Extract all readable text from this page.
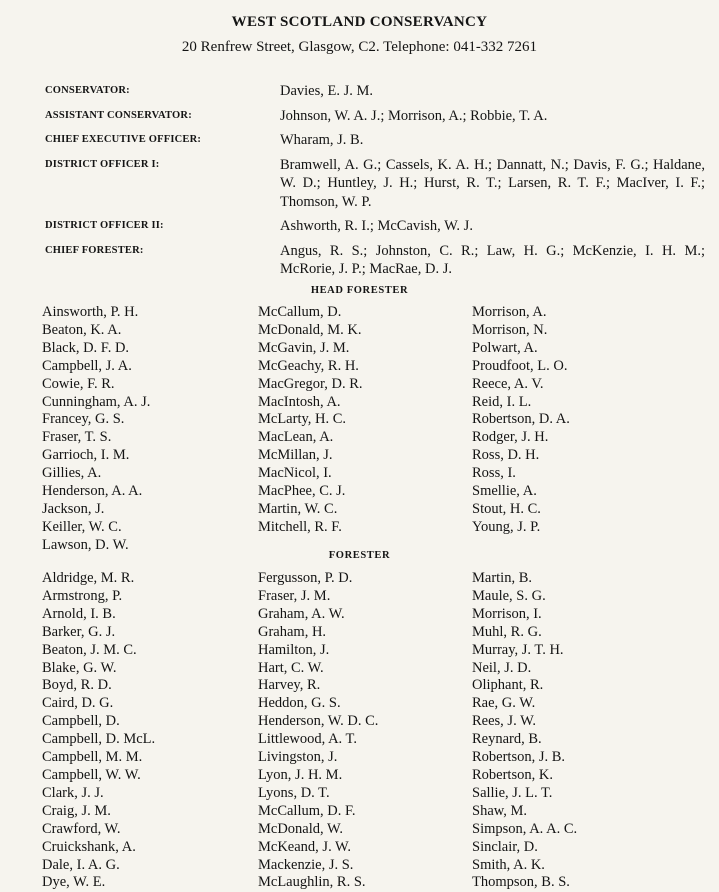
WEST SCOTLAND CONSERVANCY
20 Renfrew Street, Glasgow, C2. Telephone: 041-332 7261
CONSERVATOR:	Davies, E. J. M.
ASSISTANT CONSERVATOR:	Johnson, W. A. J.; Morrison, A.; Robbie, T. A.
CHIEF EXECUTIVE OFFICER:	Wharam, J. B.
DISTRICT OFFICER I:	Bramwell, A. G.; Cassels, K. A. H.; Dannatt, N.; Davis, F. G.; Haldane, W. D.; Huntley, J. H.; Hurst, R. T.; Larsen, R. T. F.; MacIver, I. F.; Thomson, W. P.
DISTRICT OFFICER II:	Ashworth, R. I.; McCavish, W. J.
CHIEF FORESTER:	Angus, R. S.; Johnston, C. R.; Law, H. G.; McKenzie, I. H. M.; McRorie, J. P.; MacRae, D. J.
HEAD FORESTER
Ainsworth, P. H.
Beaton, K. A.
Black, D. F. D.
Campbell, J. A.
Cowie, F. R.
Cunningham, A. J.
Francey, G. S.
Fraser, T. S.
Garrioch, I. M.
Gillies, A.
Henderson, A. A.
Jackson, J.
Keiller, W. C.
Lawson, D. W.
McCallum, D.
McDonald, M. K.
McGavin, J. M.
McGeachy, R. H.
MacGregor, D. R.
MacIntosh, A.
McLarty, H. C.
MacLean, A.
McMillan, J.
MacNicol, I.
MacPhee, C. J.
Martin, W. C.
Mitchell, R. F.
Morrison, A.
Morrison, N.
Polwart, A.
Proudfoot, L. O.
Reece, A. V.
Reid, I. L.
Robertson, D. A.
Rodger, J. H.
Ross, D. H.
Ross, I.
Smellie, A.
Stout, H. C.
Young, J. P.
FORESTER
Aldridge, M. R.
Armstrong, P.
Arnold, I. B.
Barker, G. J.
Beaton, J. M. C.
Blake, G. W.
Boyd, R. D.
Caird, D. G.
Campbell, D.
Campbell, D. McL.
Campbell, M. M.
Campbell, W. W.
Clark, J. J.
Craig, J. M.
Crawford, W.
Cruickshank, A.
Dale, I. A. G.
Dye, W. E.
Fergusson, P. D.
Fraser, J. M.
Graham, A. W.
Graham, H.
Hamilton, J.
Hart, C. W.
Harvey, R.
Heddon, G. S.
Henderson, W. D. C.
Littlewood, A. T.
Livingston, J.
Lyon, J. H. M.
Lyons, D. T.
McCallum, D. F.
McDonald, W.
McKeand, J. W.
Mackenzie, J. S.
McLaughlin, R. S.
Martin, B.
Maule, S. G.
Morrison, I.
Muhl, R. G.
Murray, J. T. H.
Neil, J. D.
Oliphant, R.
Rae, G. W.
Rees, J. W.
Reynard, B.
Robertson, J. B.
Robertson, K.
Sallie, J. L. T.
Shaw, M.
Simpson, A. A. C.
Sinclair, D.
Smith, A. K.
Thompson, B. S.
